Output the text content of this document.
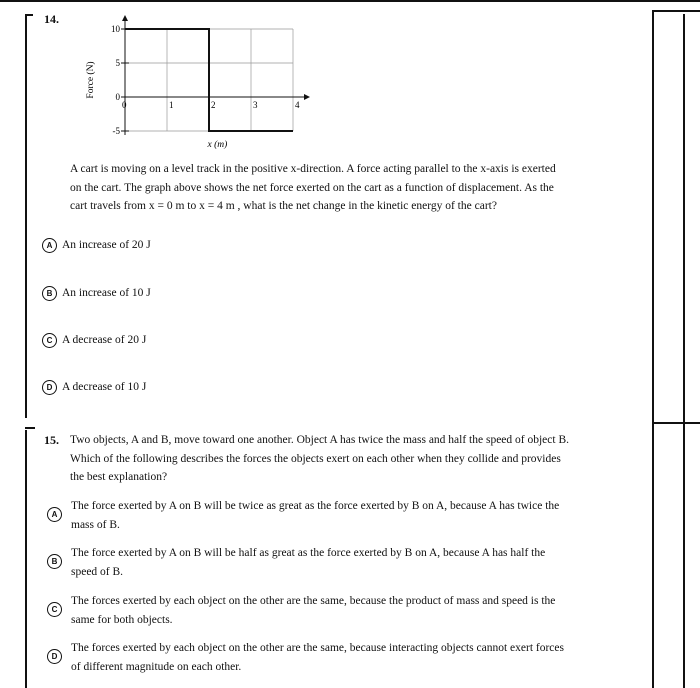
14.
10
5
0
-5
0	1	2	3	4
x (m)
Force (N)
A cart is moving on a level track in the positive x-direction. A force acting parallel to the x-axis is exerted
on the cart. The graph above shows the net force exerted on the cart as a function of displacement. As the
cart travels from x = 0 m to x = 4 m , what is the net change in the kinetic energy of the cart?
A An increase of 20 J
B An increase of 10 J
C A decrease of 20 J
D A decrease of 10 J
15. Two objects, A and B, move toward one another. Object A has twice the mass and half the speed of object B.
Which of the following describes the forces the objects exert on each other when they collide and provides
the best explanation?
A
The force exerted by A on B will be twice as great as the force exerted by B on A, because A has twice the
mass of B.
B
The force exerted by A on B will be half as great as the force exerted by B on A, because A has half the
speed of B.
C
The forces exerted by each object on the other are the same, because the product of mass and speed is the
same for both objects.
D
The forces exerted by each object on the other are the same, because interacting objects cannot exert forces
of different magnitude on each other.
